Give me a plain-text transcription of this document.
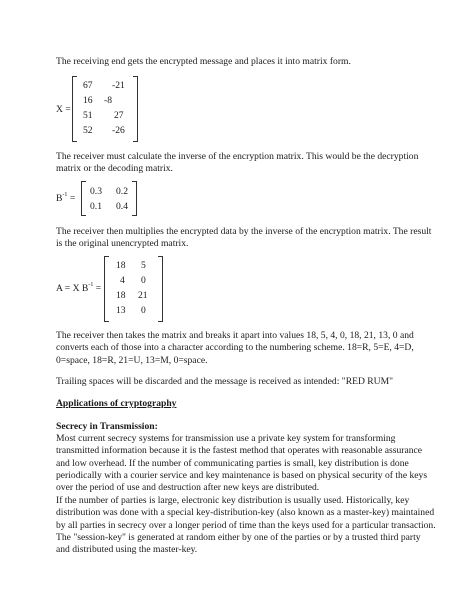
The receiving end gets the encrypted message and places it into matrix form.

X =
67 -21
16 -8
51 27
52 -26

The receiver must calculate the inverse of the encryption matrix. This would be the decryption matrix or the decoding matrix.

$B^{-1}$ =
0.3 0.2
0.1 0.4

The receiver then multiplies the encrypted data by the inverse of the encryption matrix. The result is the original unencrypted matrix.

A = X $B^{-1}$ =
18 5
4 0
18 21
13 0

The receiver then takes the matrix and breaks it apart into values 18, 5, 4, 0, 18, 21, 13, 0 and converts each of those into a character according to the numbering scheme. 18=R, 5=E, 4=D, 0=space, 18=R, 21=U, 13=M, 0=space.

Trailing spaces will be discarded and the message is received as intended: "RED RUM"

Applications of cryptography

Secrecy in Transmission:

Most current secrecy systems for transmission use a private key system for transforming transmitted information because it is the fastest method that operates with reasonable assurance and low overhead. If the number of communicating parties is small, key distribution is done periodically with a courier service and key maintenance is based on physical security of the keys over the period of use and destruction after new keys are distributed.

If the number of parties is large, electronic key distribution is usually used. Historically, key distribution was done with a special key-distribution-key (also known as a master-key) maintained by all parties in secrecy over a longer period of time than the keys used for a particular transaction. The "session-key" is generated at random either by one of the parties or by a trusted third party and distributed using the master-key.
